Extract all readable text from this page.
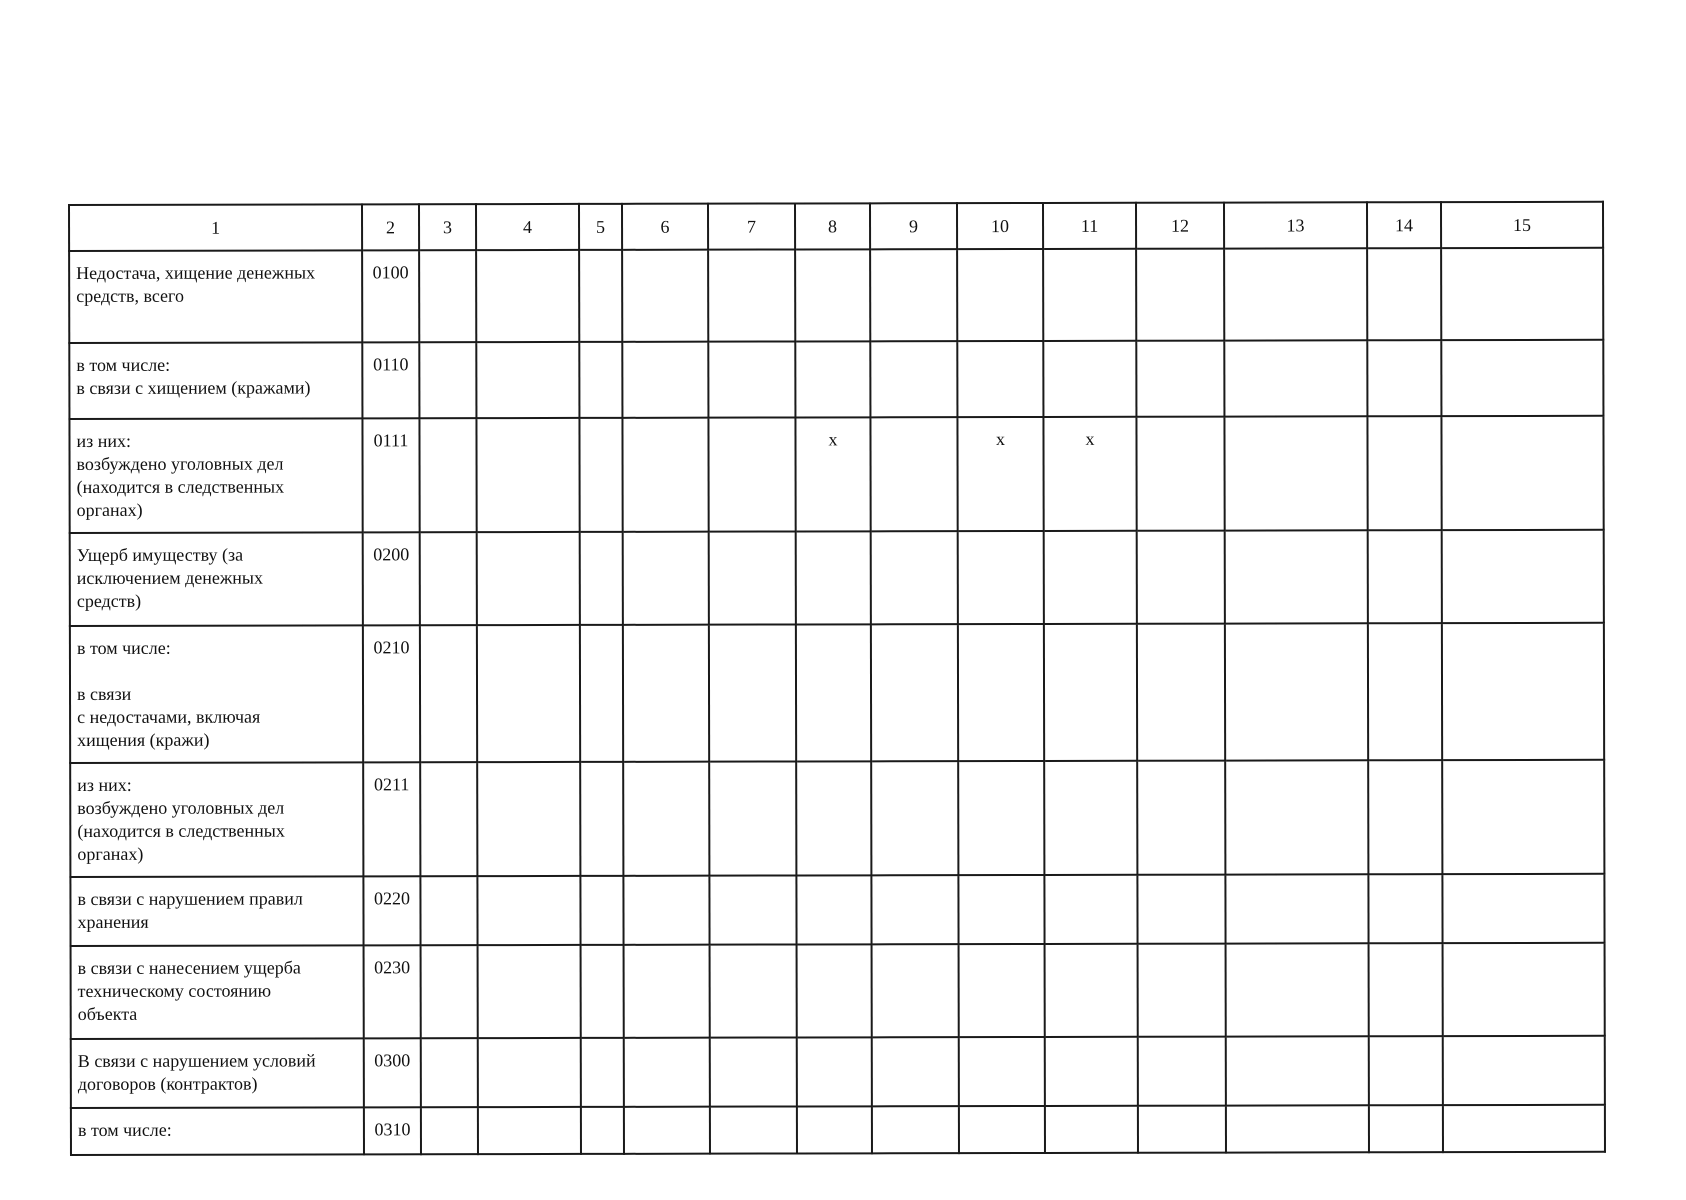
1	2	3	4	5	6	7	8	9	10	11	12	13	14	15
Недостача, хищение денежных
средств, всего	0100													
в том числе:
в связи с хищением (кражами)	0110													
из них:
возбуждено уголовных дел
(находится в следственных
органах)	0111						x		x	x				
Ущерб имуществу (за
исключением денежных
средств)	0200													
в том числе:

в связи
с недостачами, включая
хищения (кражи)	0210													
из них:
возбуждено уголовных дел
(находится в следственных
органах)	0211													
в связи с нарушением правил
хранения	0220													
в связи с нанесением ущерба
техническому состоянию
объекта	0230													
В связи с нарушением условий
договоров (контрактов)	0300													
в том числе:	0310													
